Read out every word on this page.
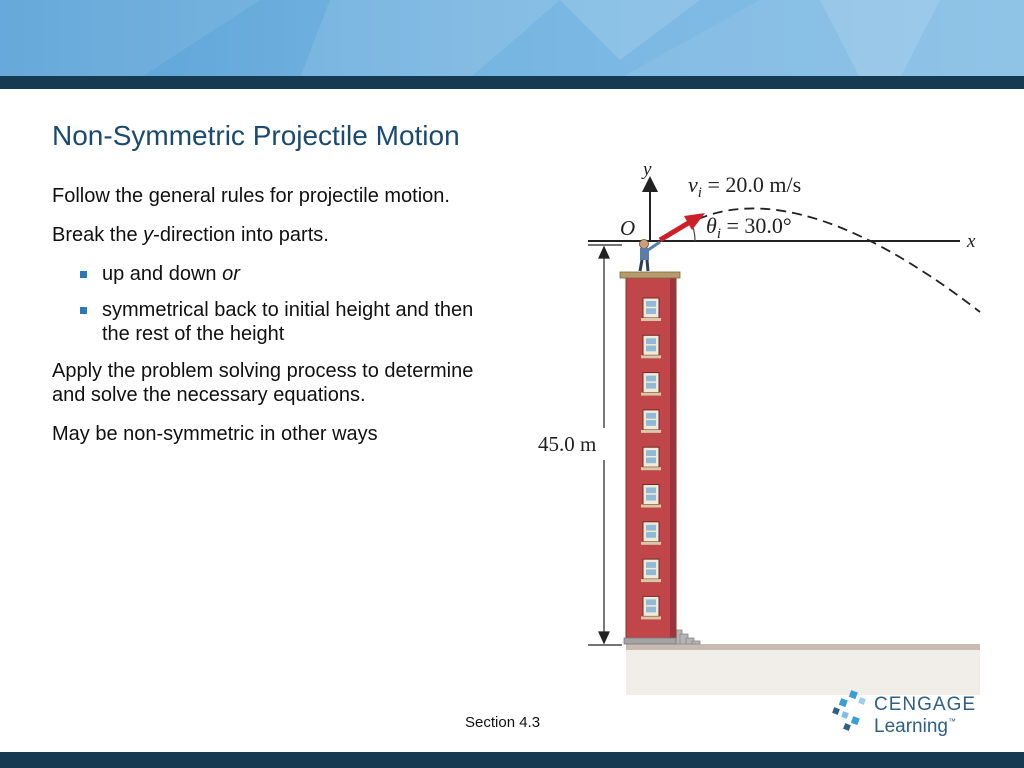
Non-Symmetric Projectile Motion

Follow the general rules for projectile motion.

Break the y-direction into parts.

up and down or
symmetrical back to initial height and then the rest of the height

Apply the problem solving process to determine and solve the necessary equations.

May be non-symmetric in other ways	45.0 m
y
x
O
$v_i = 20.0$ m/s
$\theta_i = 30.0^\circ$
Section 4.3
CENGAGE
Learning™
